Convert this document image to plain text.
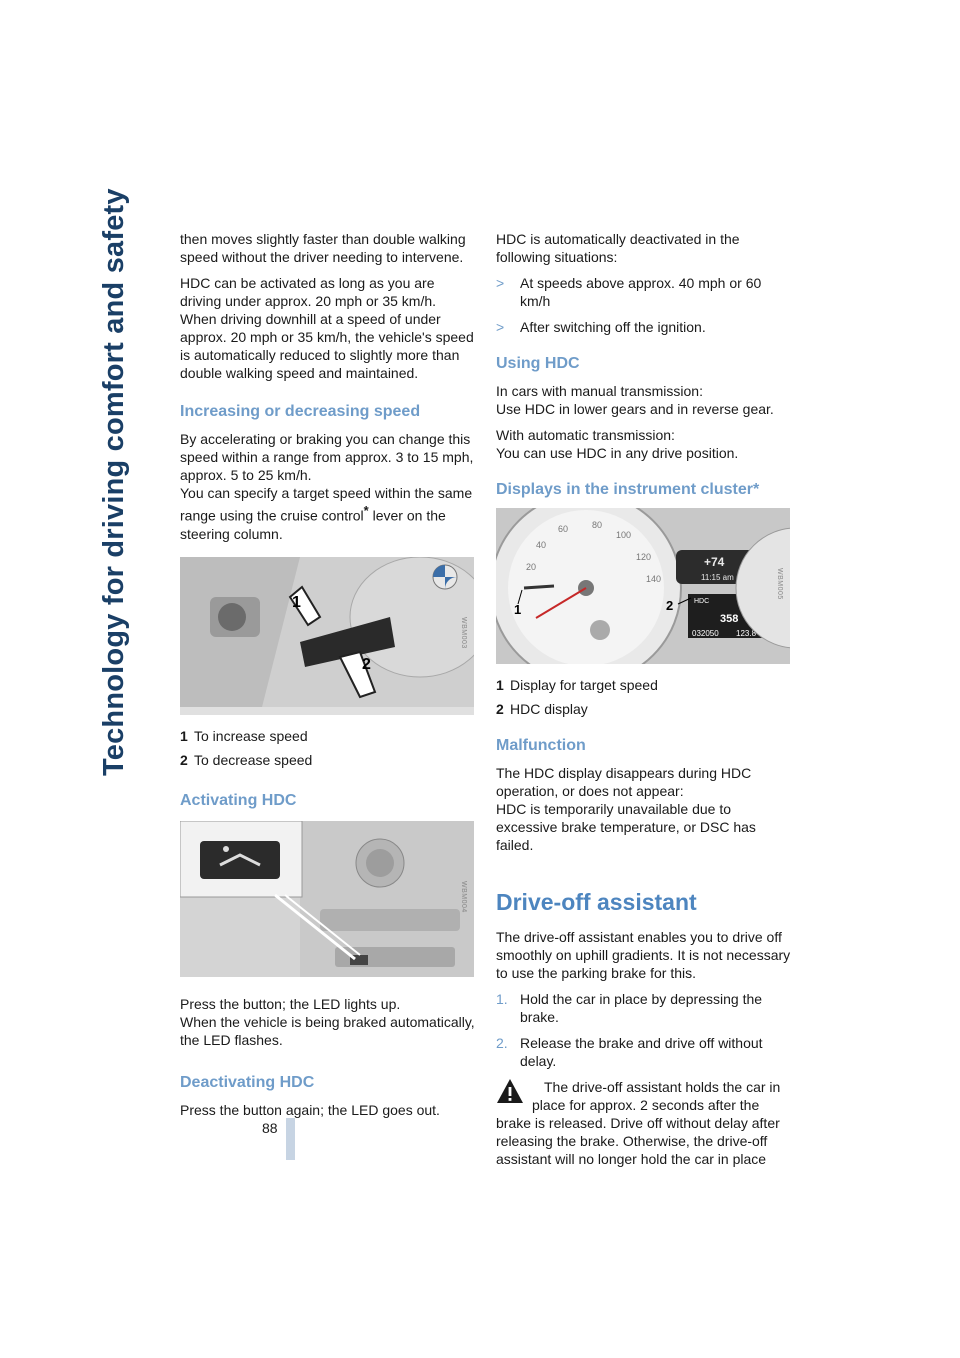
Technology for driving comfort and safety
88

then moves slightly faster than double walking speed without the driver needing to intervene.

HDC can be activated as long as you are driving under approx. 20 mph or 35 km/h. When driving downhill at a speed of under approx. 20 mph or 35 km/h, the vehicle's speed is automatically reduced to slightly more than double walking speed and maintained.

Increasing or decreasing speed

By accelerating or braking you can change this speed within a range from approx. 3 to 15 mph, approx. 5 to 25 km/h.

You can specify a target speed within the same range using the cruise control* lever on the steering column.

1
2
WBM003
1 To increase speed
2 To decrease speed
Activating HDC
WBM004

Press the button; the LED lights up.

When the vehicle is being braked automatically, the LED flashes.

Deactivating HDC

Press the button again; the LED goes out.

HDC is automatically deactivated in the following situations:

>	At speeds above approx. 40 mph or 60 km/h
>	After switching off the ignition.
Using HDC

In cars with manual transmission:
Use HDC in lower gears and in reverse gear.

With automatic transmission:
You can use HDC in any drive position.

Displays in the instrument cluster*
20
40
60	80
100
120
140
+74
11:15 am
HDC
358
032050 123.8
1	2
WBM005
1 Display for target speed
2 HDC display
Malfunction

The HDC display disappears during HDC operation, or does not appear:

HDC is temporarily unavailable due to excessive brake temperature, or DSC has failed.

Drive-off assistant

The drive-off assistant enables you to drive off smoothly on uphill gradients. It is not necessary to use the parking brake for this.

1. Hold the car in place by depressing the brake.
2. Release the brake and drive off without delay.

The drive-off assistant holds the car in place for approx. 2 seconds after the brake is released. Drive off without delay after releasing the brake. Otherwise, the drive-off assistant will no longer hold the car in place
